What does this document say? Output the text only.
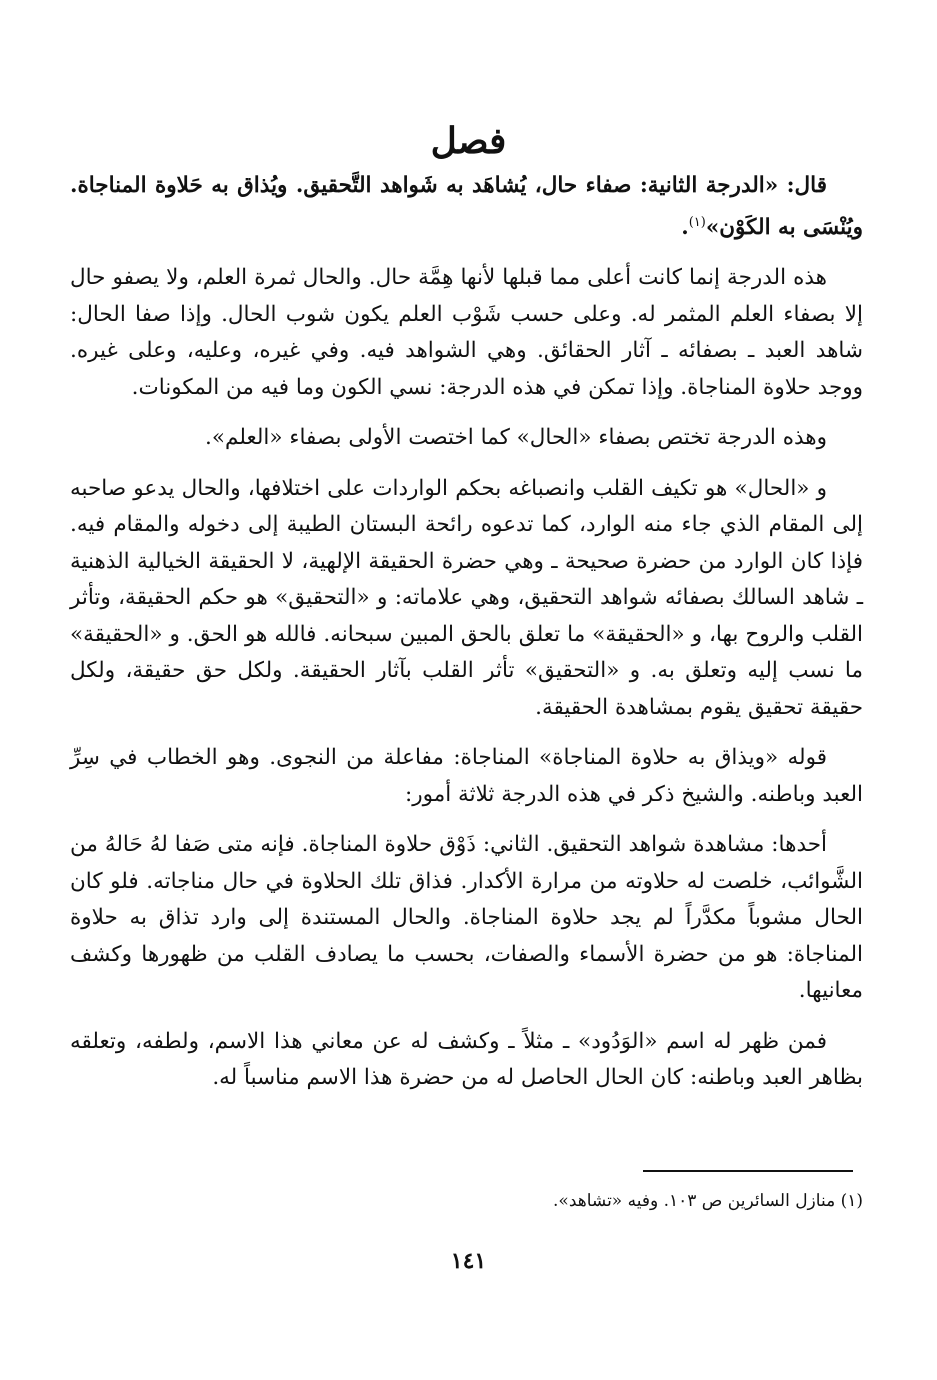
فصل

قال: «الدرجة الثانية: صفاء حال، يُشاهَد به شَواهد التَّحقيق. ويُذاق به حَلاوة المناجاة. ويُنْسَى به الكَوْن»$^{(١)}$.

هذه الدرجة إنما كانت أعلى مما قبلها لأنها هِمَّة حال. والحال ثمرة العلم، ولا يصفو حال إلا بصفاء العلم المثمر له. وعلى حسب شَوْب العلم يكون شوب الحال. وإذا صفا الحال: شاهد العبد ـ بصفائه ـ آثار الحقائق. وهي الشواهد فيه. وفي غيره، وعليه، وعلى غيره. ووجد حلاوة المناجاة. وإذا تمكن في هذه الدرجة: نسي الكون وما فيه من المكونات.

وهذه الدرجة تختص بصفاء «الحال» كما اختصت الأولى بصفاء «العلم».

و «الحال» هو تكيف القلب وانصباغه بحكم الواردات على اختلافها، والحال يدعو صاحبه إلى المقام الذي جاء منه الوارد، كما تدعوه رائحة البستان الطيبة إلى دخوله والمقام فيه. فإذا كان الوارد من حضرة صحيحة ـ وهي حضرة الحقيقة الإلهية، لا الحقيقة الخيالية الذهنية ـ شاهد السالك بصفائه شواهد التحقيق، وهي علاماته: و «التحقيق» هو حكم الحقيقة، وتأثر القلب والروح بها، و «الحقيقة» ما تعلق بالحق المبين سبحانه. فالله هو الحق. و «الحقيقة» ما نسب إليه وتعلق به. و «التحقيق» تأثر القلب بآثار الحقيقة. ولكل حق حقيقة، ولكل حقيقة تحقيق يقوم بمشاهدة الحقيقة.

قوله «ويذاق به حلاوة المناجاة» المناجاة: مفاعلة من النجوى. وهو الخطاب في سِرِّ العبد وباطنه. والشيخ ذكر في هذه الدرجة ثلاثة أمور:

أحدها: مشاهدة شواهد التحقيق. الثاني: ذَوْق حلاوة المناجاة. فإنه متى صَفا لهُ حَالهُ من الشَّوائب، خلصت له حلاوته من مرارة الأكدار. فذاق تلك الحلاوة في حال مناجاته. فلو كان الحال مشوباً مكدَّراً لم يجد حلاوة المناجاة. والحال المستندة إلى وارد تذاق به حلاوة المناجاة: هو من حضرة الأسماء والصفات، بحسب ما يصادف القلب من ظهورها وكشف معانيها.

فمن ظهر له اسم «الوَدُود» ـ مثلاً ـ وكشف له عن معاني هذا الاسم، ولطفه، وتعلقه بظاهر العبد وباطنه: كان الحال الحاصل له من حضرة هذا الاسم مناسباً له.

(١) منازل السائرين ص ١٠٣. وفيه «تشاهد».
١٤١
